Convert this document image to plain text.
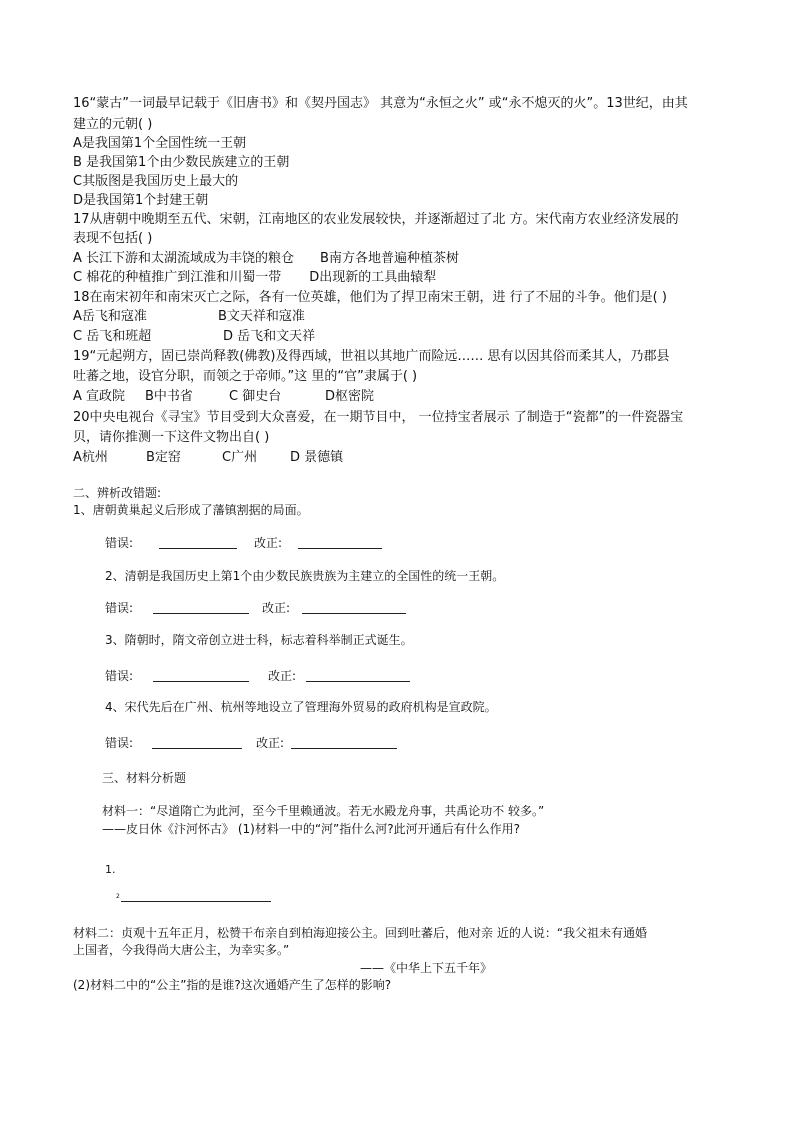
16“蒙古”一词最早记载于《旧唐书》和《契丹国志》 其意为“永恒之火” 或“永不熄灭的火”。13世纪，由其
建立的元朝( )
A是我国第1个全国性统一王朝
B 是我国第1个由少数民族建立的王朝
C其版图是我国历史上最大的
D是我国第1个封建王朝
17从唐朝中晚期至五代、宋朝，江南地区的农业发展较快，并逐渐超过了北 方。宋代南方农业经济发展的
表现不包括( )
A 长江下游和太湖流域成为丰饶的粮仓 B南方各地普遍种植茶树
C 棉花的种植推广到江淮和川蜀一带 D出现新的工具曲辕犁
18在南宋初年和南宋灭亡之际，各有一位英雄，他们为了捍卫南宋王朝，进 行了不屈的斗争。他们是( )
A岳飞和寇准	B文天祥和寇准
C 岳飞和班超	D 岳飞和文天祥
19“元起朔方，固已崇尚释教(佛教)及得西域，世祖以其地广而险远…… 思有以因其俗而柔其人，乃郡县
吐蕃之地，设官分职，而领之于帝师。”这 里的“官”隶属于( )
A 宣政院 B中书省	C 御史台	D枢密院
20中央电视台《寻宝》节目受到大众喜爱，在一期节目中， 一位持宝者展示 了制造于“瓷都”的一件瓷器宝
贝，请你推测一下这件文物出自( )
A杭州	B定窑	C广州	D 景德镇
二、辨析改错题:
1、唐朝黄巢起义后形成了藩镇割据的局面。
错误:	改正:
2、清朝是我国历史上第1个由少数民族贵族为主建立的全国性的统一王朝。
错误:	改正:
3、隋朝时，隋文帝创立进士科，标志着科举制正式诞生。
错误:	改正:
4、宋代先后在广州、杭州等地设立了管理海外贸易的政府机构是宣政院。
错误:	改正:
三、材料分析题
材料一：“尽道隋亡为此河，至今千里赖通波。若无水殿龙舟事，共禹论功不 较多。”
——皮日休《汴河怀古》 (1)材料一中的“河”指什么河?此河开通后有什么作用?
1.
2
材料二：贞观十五年正月，松赞干布亲自到柏海迎接公主。回到吐蕃后，他对亲 近的人说：“我父祖未有通婚
上国者，今我得尚大唐公主，为幸实多。”
——《中华上下五千年》
(2)材料二中的“公主”指的是谁?这次通婚产生了怎样的影响?
